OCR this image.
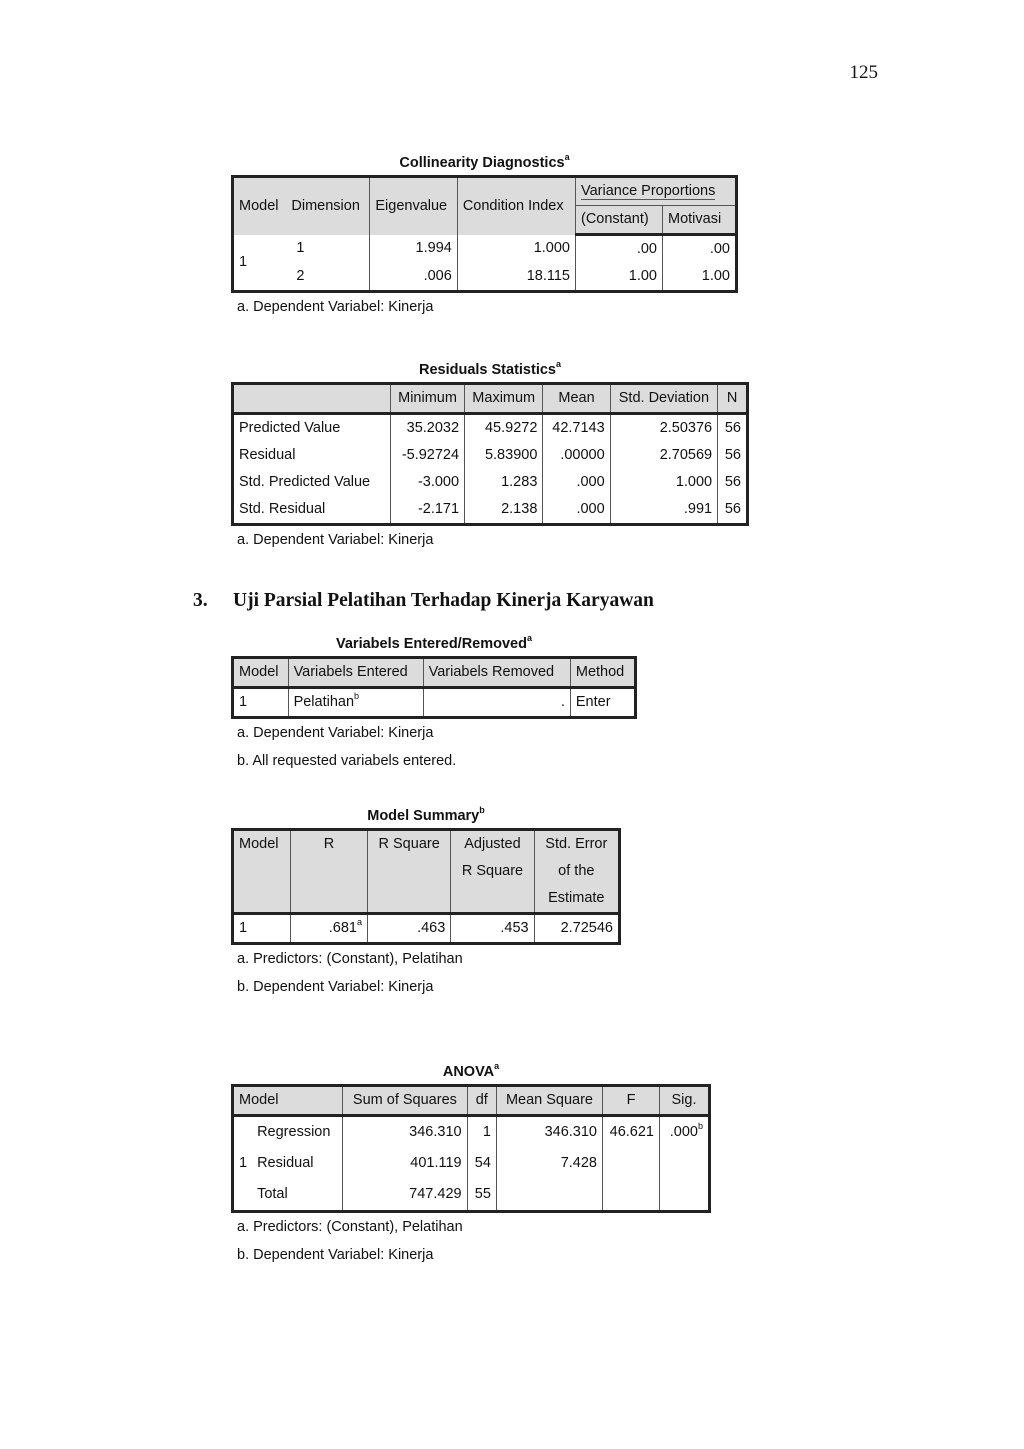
125
Collinearity Diagnostics$^a$
Model	Dimension	Eigenvalue	Condition Index	Variance Proportions	
				(Constant)	Motivasi
1	1	1.994	1.000	.00	.00
	2	.006	18.115	1.00	1.00
a. Dependent Variabel: Kinerja
Residuals Statistics$^a$
	Minimum	Maximum	Mean	Std. Deviation	N
Predicted Value	35.2032	45.9272	42.7143	2.50376	56
Residual	-5.92724	5.83900	.00000	2.70569	56
Std. Predicted Value	-3.000	1.283	.000	1.000	56
Std. Residual	-2.171	2.138	.000	.991	56
a. Dependent Variabel: Kinerja
3. Uji Parsial Pelatihan Terhadap Kinerja Karyawan
Variabels Entered/Removed$^a$
Model	Variabels Entered	Variabels Removed	Method
1	Pelatihan$^b$	.	Enter
a. Dependent Variabel: Kinerja
b. All requested variabels entered.
Model Summary$^b$
Model	R	R Square	Adjusted	Std. Error
			R Square	of the
				Estimate
1	.681$^a$	.463	.453	2.72546
a. Predictors: (Constant), Pelatihan
b. Dependent Variabel: Kinerja
ANOVA$^a$
Model		Sum of Squares	df	Mean Square	F	Sig.
1	Regression	346.310	1	346.310	46.621	.000$^b$
	Residual	401.119	54	7.428		
	Total	747.429	55			
a. Predictors: (Constant), Pelatihan
b. Dependent Variabel: Kinerja
